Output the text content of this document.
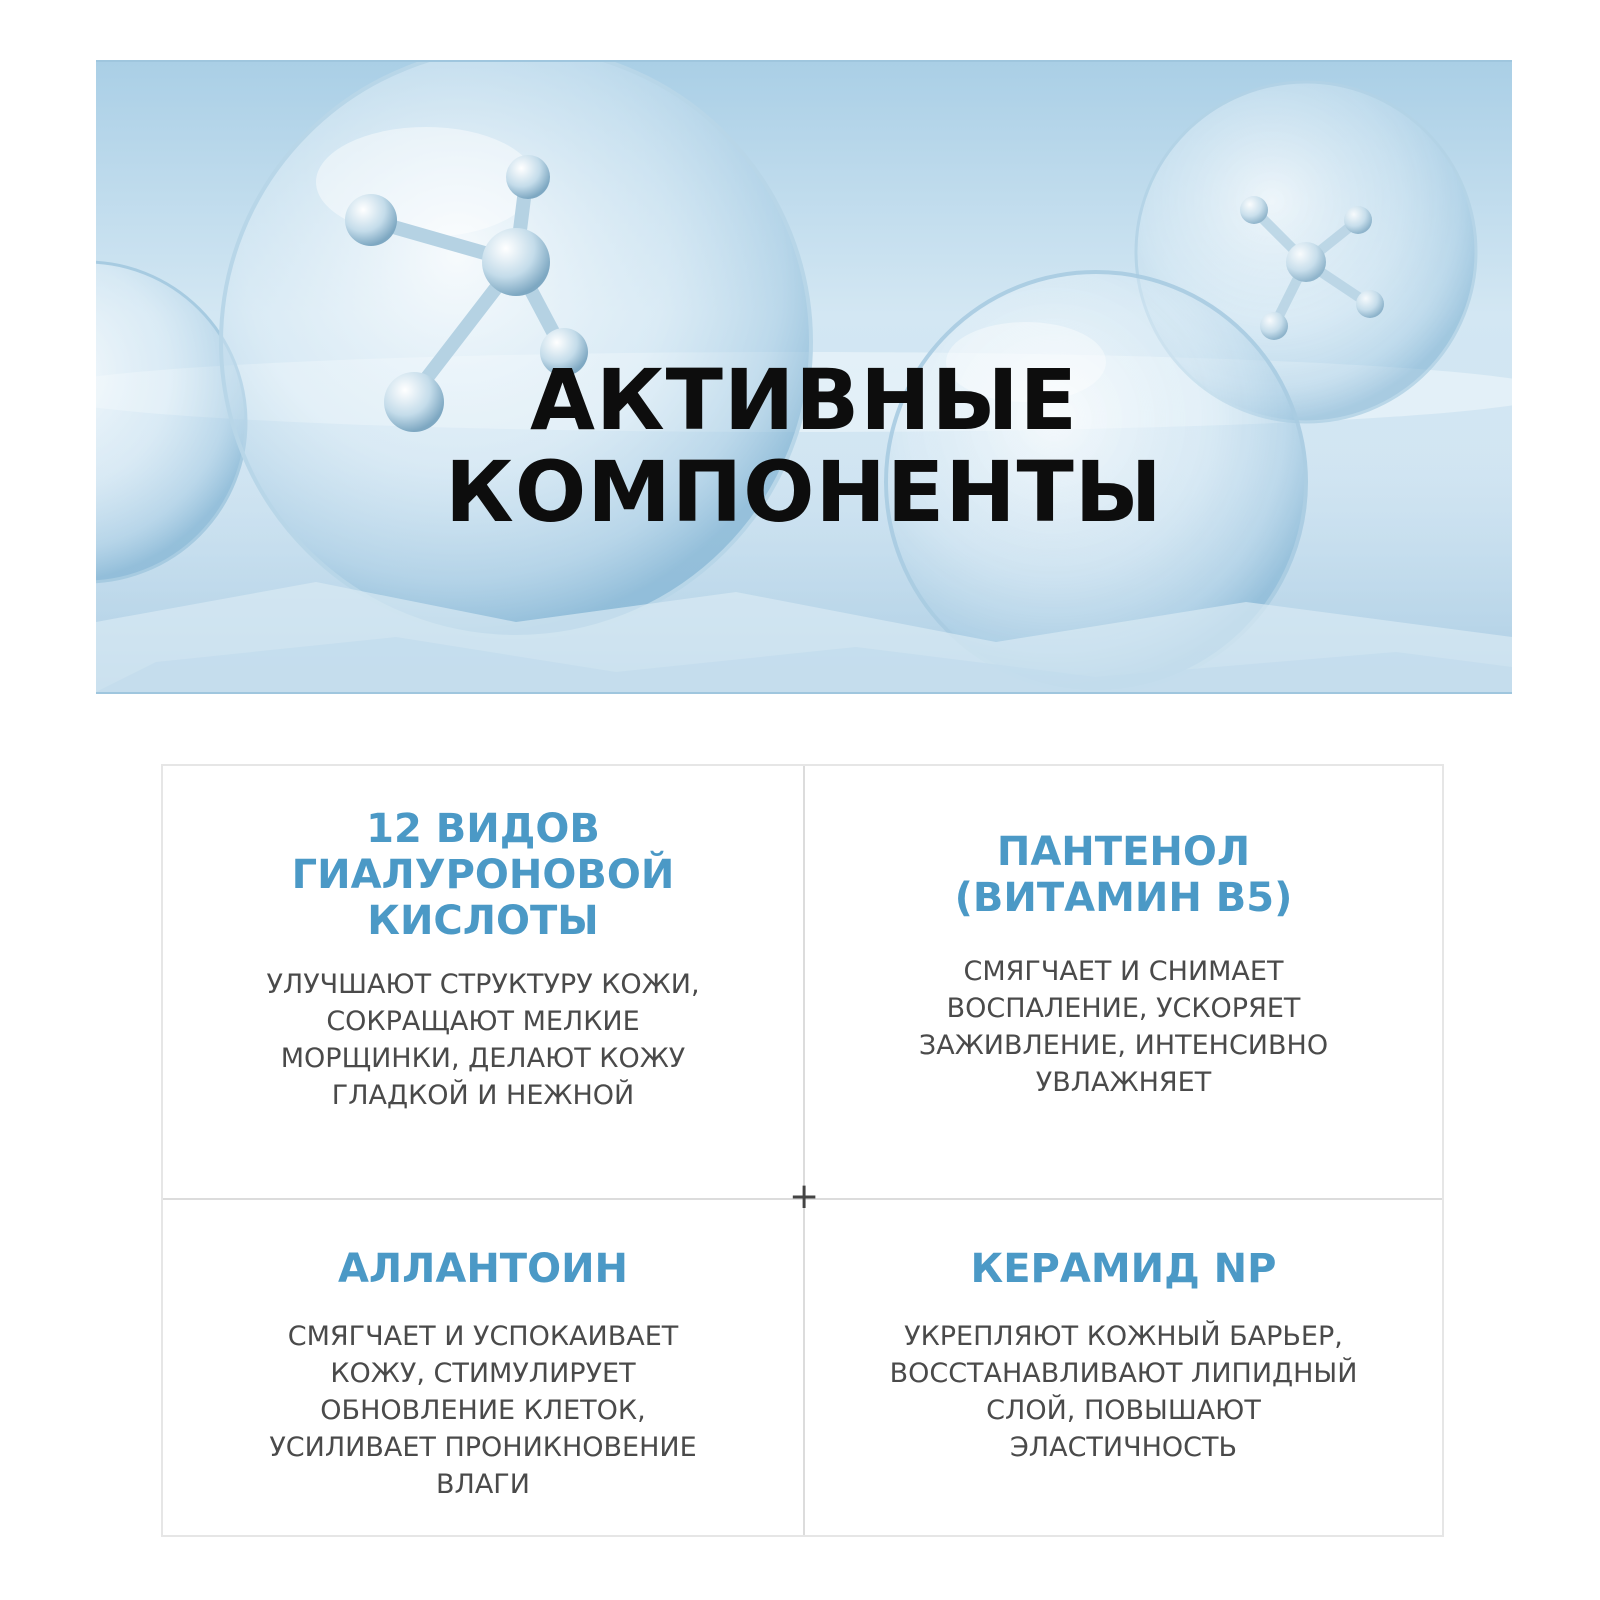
АКТИВНЫЕ
КОМПОНЕНТЫ
+
12 ВИДОВ
ГИАЛУРОНОВОЙ
КИСЛОТЫ
УЛУЧШАЮТ СТРУКТУРУ КОЖИ,
СОКРАЩАЮТ МЕЛКИЕ
МОРЩИНКИ, ДЕЛАЮТ КОЖУ
ГЛАДКОЙ И НЕЖНОЙ
ПАНТЕНОЛ
(ВИТАМИН В5)
СМЯГЧАЕТ И СНИМАЕТ
ВОСПАЛЕНИЕ, УСКОРЯЕТ
ЗАЖИВЛЕНИЕ, ИНТЕНСИВНО
УВЛАЖНЯЕТ
АЛЛАНТОИН
СМЯГЧАЕТ И УСПОКАИВАЕТ
КОЖУ, СТИМУЛИРУЕТ
ОБНОВЛЕНИЕ КЛЕТОК,
УСИЛИВАЕТ ПРОНИКНОВЕНИЕ
ВЛАГИ
КЕРАМИД NP
УКРЕПЛЯЮТ КОЖНЫЙ БАРЬЕР,
ВОССТАНАВЛИВАЮТ ЛИПИДНЫЙ
СЛОЙ, ПОВЫШАЮТ
ЭЛАСТИЧНОСТЬ
